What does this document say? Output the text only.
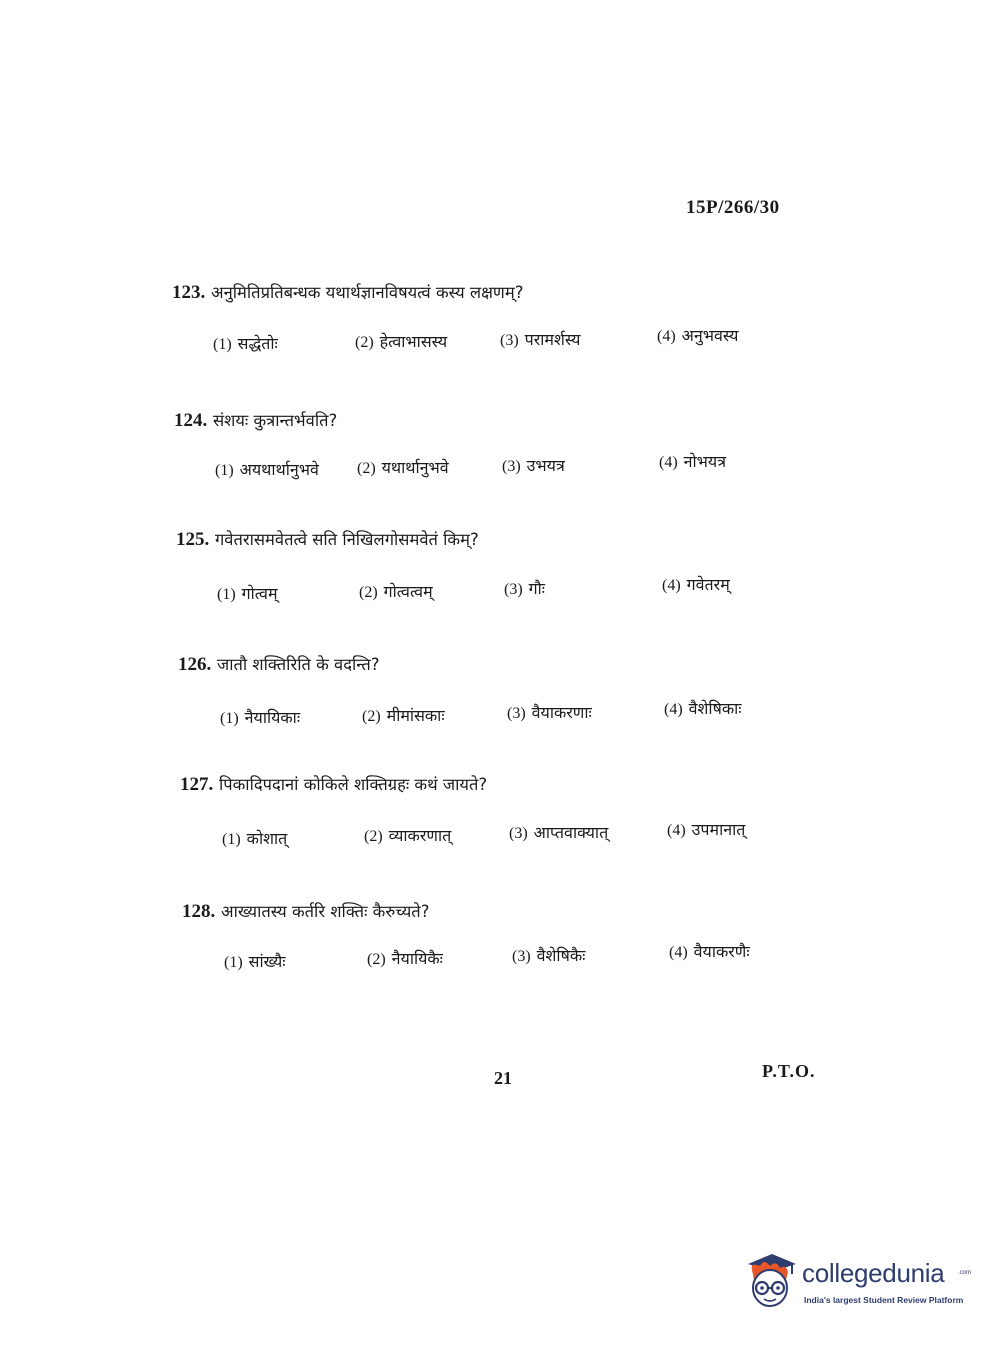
15P/266/30
123. अनुमितिप्रतिबन्धक यथार्थज्ञानविषयत्वं कस्य लक्षणम्?
(1) सद्धेतोः	(2) हेत्वाभासस्य	(3) परामर्शस्य	(4) अनुभवस्य
124. संशयः कुत्रान्तर्भवति?
(1) अयथार्थानुभवे (2) यथार्थानुभवे	(3) उभयत्र	(4) नोभयत्र
125. गवेतरासमवेतत्वे सति निखिलगोसमवेतं किम्?
(1) गोत्वम्	(2) गोत्वत्वम्	(3) गौः	(4) गवेतरम्
126. जातौ शक्तिरिति के वदन्ति?
(1) नैयायिकाः	(2) मीमांसकाः	(3) वैयाकरणाः	(4) वैशेषिकाः
127. पिकादिपदानां कोकिले शक्तिग्रहः कथं जायते?
(1) कोशात्	(2) व्याकरणात्	(3) आप्तवाक्यात्	(4) उपमानात्
128. आख्यातस्य कर्तरि शक्तिः कैरुच्यते?
(1) सांख्यैः	(2) नैयायिकैः	(3) वैशेषिकैः	(4) वैयाकरणैः
21	P.T.O.
collegedunia .com
India's largest Student Review Platform
